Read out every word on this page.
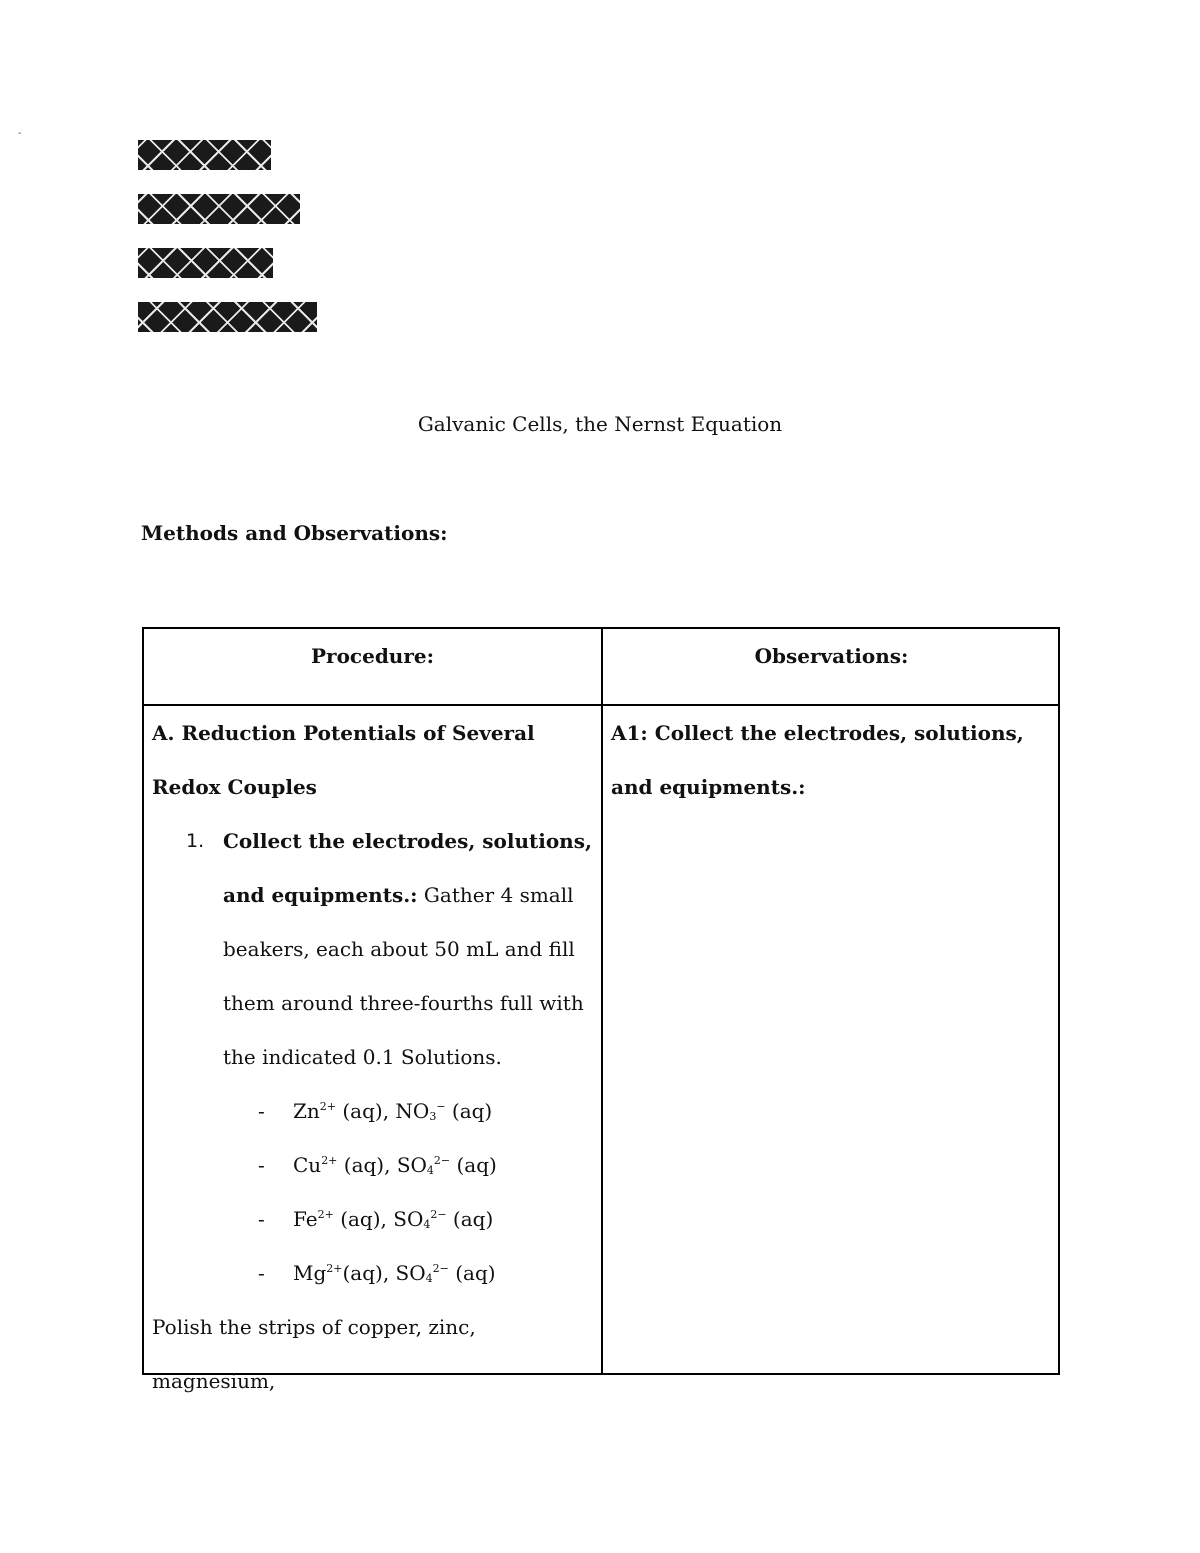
-
Galvanic Cells, the Nernst Equation
Methods and Observations:
Procedure:	Observations:

A. Reduction Potentials of Several Redox Couples

1. Collect the electrodes, solutions, and equipments.: Gather 4 small beakers, each about 50 mL and fill them around three-fourths full with the indicated 0.1 Solutions.

- $Zn^{2+}$ (aq), $NO_3^-$ (aq)

- $Cu^{2+}$ (aq), $SO_4^{2-}$ (aq)

- $Fe^{2+}$ (aq), $SO_4^{2-}$ (aq)

- $Mg^{2+}(aq)$, $SO_4^{2-}$ (aq)

Polish the strips of copper, zinc, magnesium,

A1: Collect the electrodes, solutions, and equipments.:
